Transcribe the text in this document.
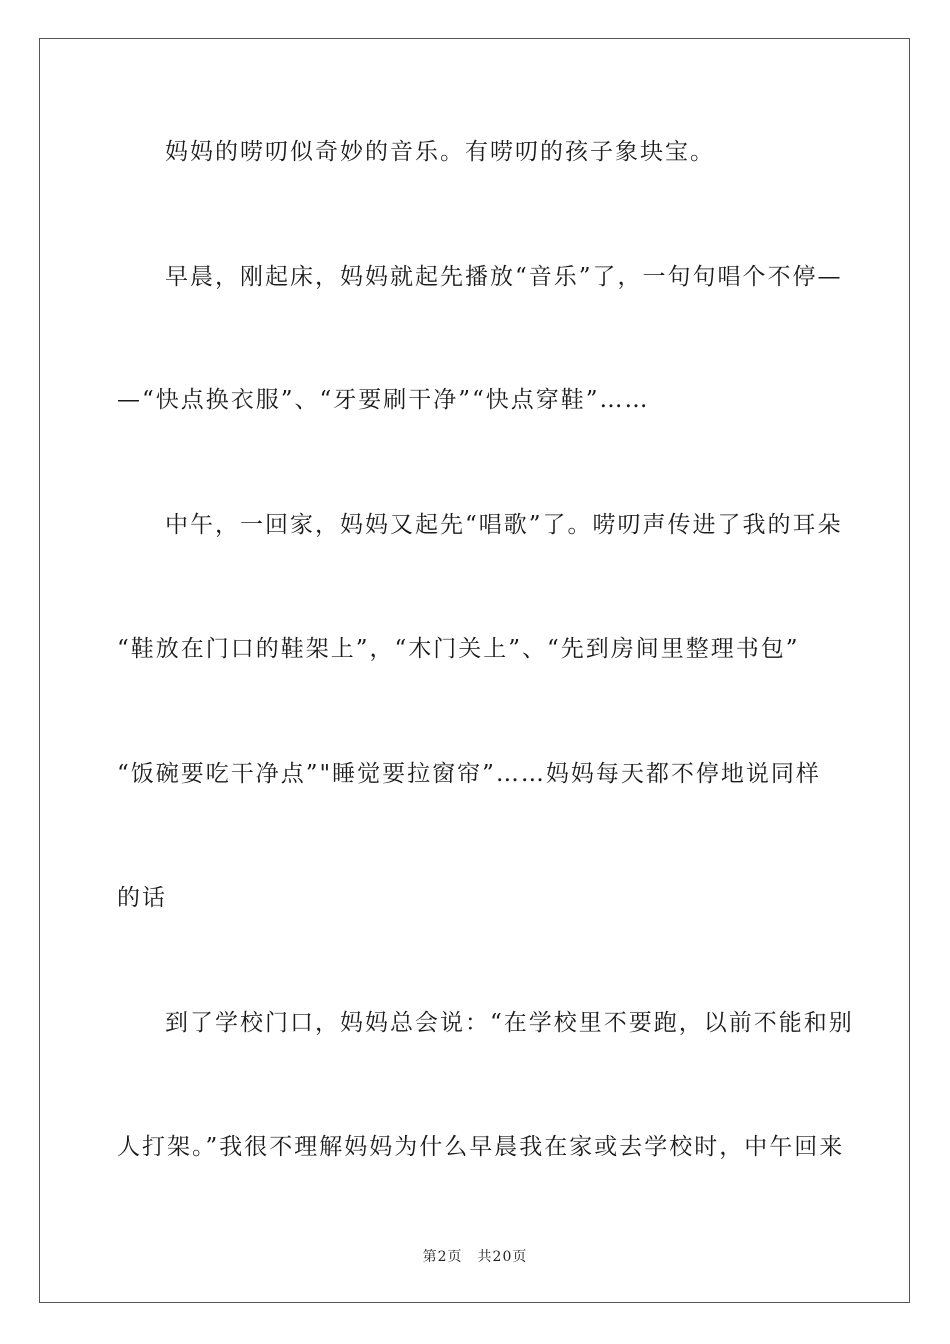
妈妈的唠叨似奇妙的音乐。有唠叨的孩子象块宝。
早晨，刚起床，妈妈就起先播放“音乐”了，一句句唱个不停—
—“快点换衣服”、“牙要刷干净”“快点穿鞋”……
中午，一回家，妈妈又起先“唱歌”了。唠叨声传进了我的耳朵
“鞋放在门口的鞋架上”，“木门关上”、“先到房间里整理书包”
“饭碗要吃干净点”"睡觉要拉窗帘”……妈妈每天都不停地说同样
的话
到了学校门口，妈妈总会说：“在学校里不要跑，以前不能和别
人打架。”我很不理解妈妈为什么早晨我在家或去学校时，中午回来
第2页　共20页
